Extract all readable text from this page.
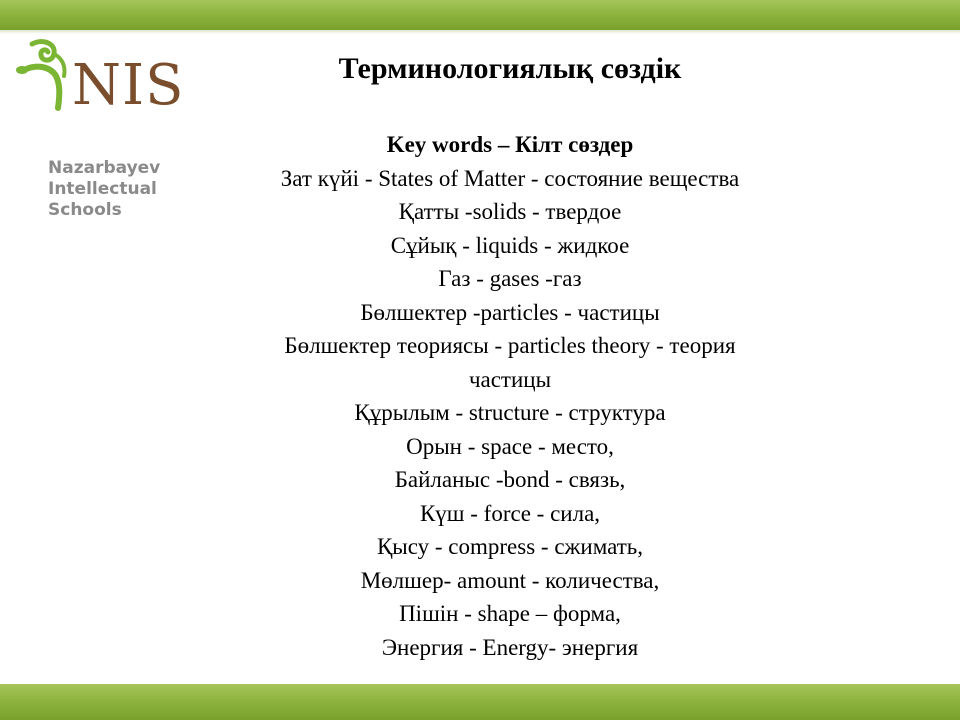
NIS
Nazarbayev
Intellectual
Schools
Терминологиялық сөздік
Key words – Кілт сөздер
Зат күйі - States of Matter - состояние вещества
Қатты -solids - твердое
Сұйық - liquids - жидкое
Газ - gases -газ
Бөлшектер -particles - частицы
Бөлшектер теориясы - particles theory - теория
частицы
Құрылым - structure - структура
Орын - space - место,
Байланыс -bond - связь,
Күш - force - сила,
Қысу - compress - сжимать,
Мөлшер- amount - количества,
Пішін - shape – форма,
Энергия - Energy- энергия
